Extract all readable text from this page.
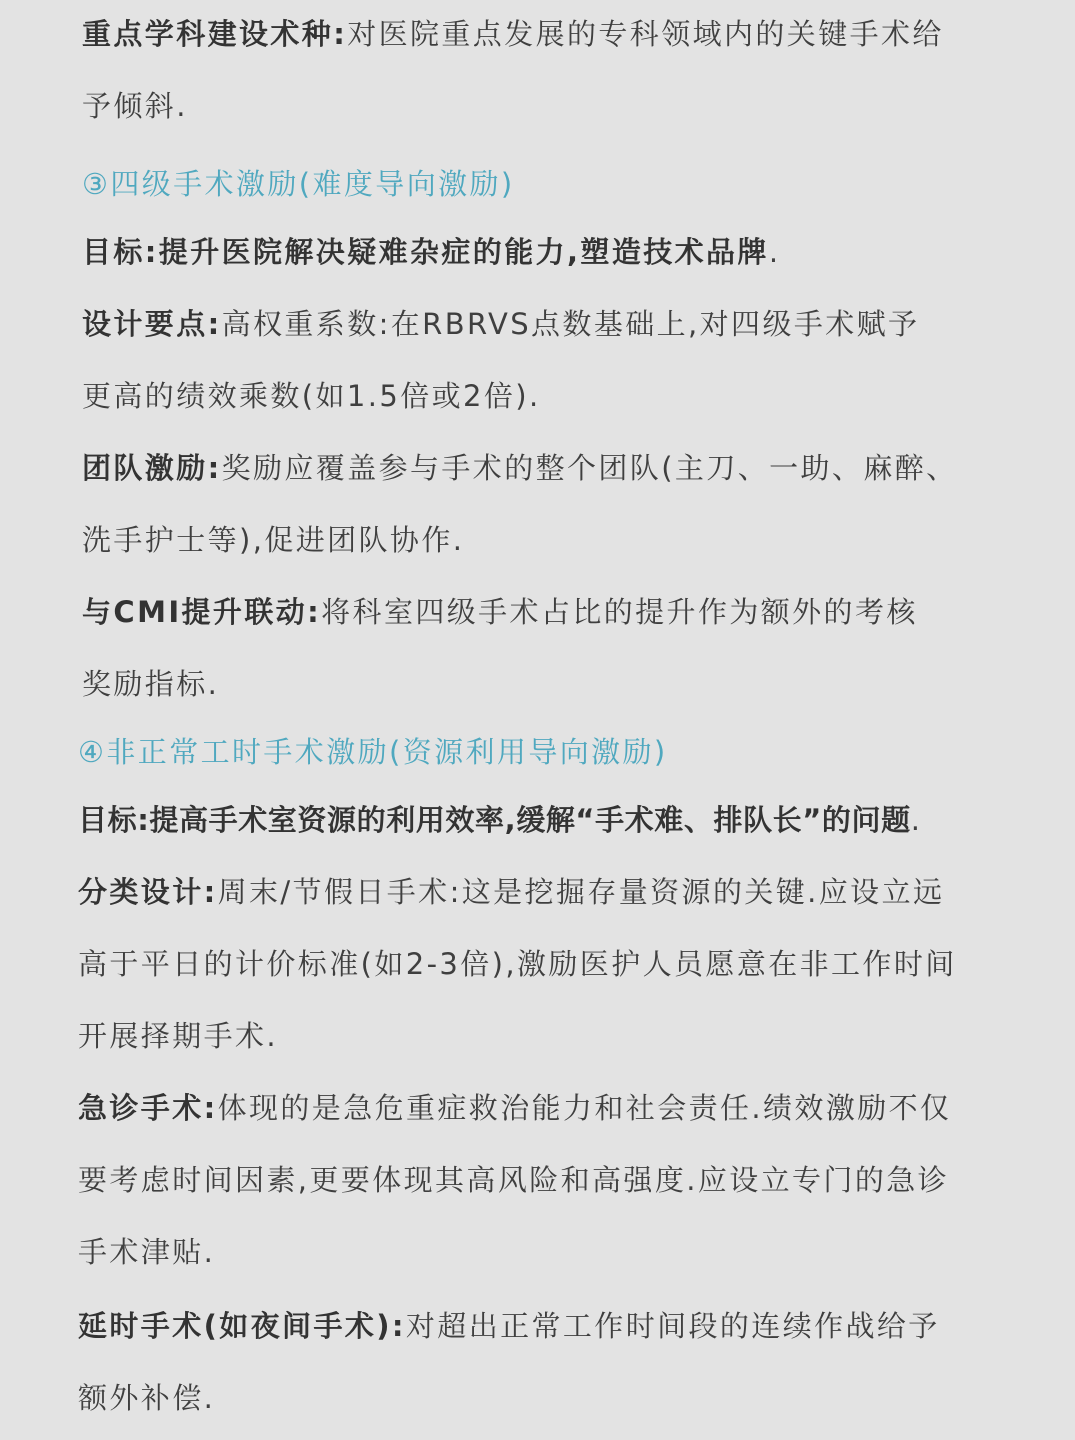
重点学科建设术种:对医院重点发展的专科领域内的关键手术给
予倾斜.
③四级手术激励(难度导向激励)
目标:提升医院解决疑难杂症的能力,塑造技术品牌.
设计要点:高权重系数:在RBRVS点数基础上,对四级手术赋予
更高的绩效乘数(如1.5倍或2倍).
团队激励:奖励应覆盖参与手术的整个团队(主刀、一助、麻醉、
洗手护士等),促进团队协作.
与CMI提升联动:将科室四级手术占比的提升作为额外的考核
奖励指标.
④非正常工时手术激励(资源利用导向激励)
目标:提高手术室资源的利用效率,缓解“手术难、排队长”的问题.
分类设计:周末/节假日手术:这是挖掘存量资源的关键.应设立远
高于平日的计价标准(如2-3倍),激励医护人员愿意在非工作时间
开展择期手术.
急诊手术:体现的是急危重症救治能力和社会责任.绩效激励不仅
要考虑时间因素,更要体现其高风险和高强度.应设立专门的急诊
手术津贴.
延时手术(如夜间手术):对超出正常工作时间段的连续作战给予
额外补偿.
